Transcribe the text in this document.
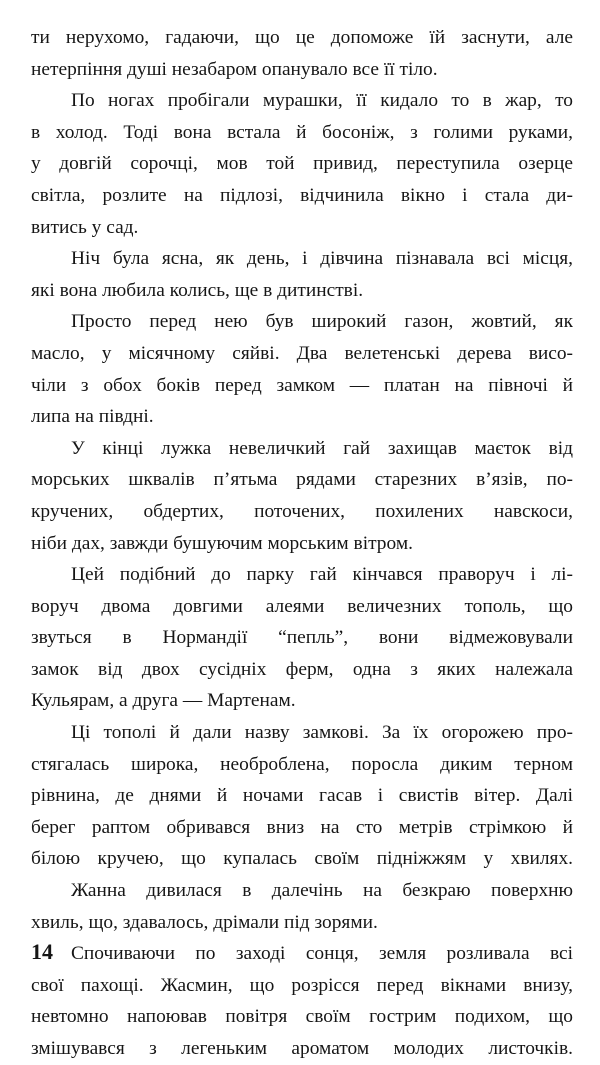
ти нерухомо, гадаючи, що це допоможе їй заснути, але
нетерпіння душі незабаром опанувало все її тіло.
По ногах пробігали мурашки, її кидало то в жар, то
в холод. Тоді вона встала й босоніж, з голими руками,
у довгій сорочці, мов той привид, переступила озерце
світла, розлите на підлозі, відчинила вікно і стала ди-
витись у сад.
Ніч була ясна, як день, і дівчина пізнавала всі місця,
які вона любила колись, ще в дитинстві.
Просто перед нею був широкий газон, жовтий, як
масло, у місячному сяйві. Два велетенські дерева висо-
чіли з обох боків перед замком — платан на півночі й
липа на півдні.
У кінці лужка невеличкий гай захищав маєток від
морських шквалів п’ятьма рядами старезних в’язів, по-
кручених, обдертих, поточених, похилених навскоси,
ніби дах, завжди бушуючим морським вітром.
Цей подібний до парку гай кінчався праворуч і лі-
воруч двома довгими алеями величезних тополь, що
звуться в Нормандії “пепль”, вони відмежовували
замок від двох сусідніх ферм, одна з яких належала
Кульярам, а друга — Мартенам.
Ці тополі й дали назву замкові. За їх огорожею про-
стягалась широка, необроблена, поросла диким терном
рівнина, де днями й ночами гасав і свистів вітер. Далі
берег раптом обривався вниз на сто метрів стрімкою й
білою кручею, що купалась своїм підніжжям у хвилях.
Жанна дивилася в далечінь на безкраю поверхню
хвиль, що, здавалось, дрімали під зорями.
Спочиваючи по заході сонця, земля розливала всі
свої пахощі. Жасмин, що розрісся перед вікнами внизу,
невтомно напоював повітря своїм гострим подихом, що
змішувався з легеньким ароматом молодих листочків.
14
